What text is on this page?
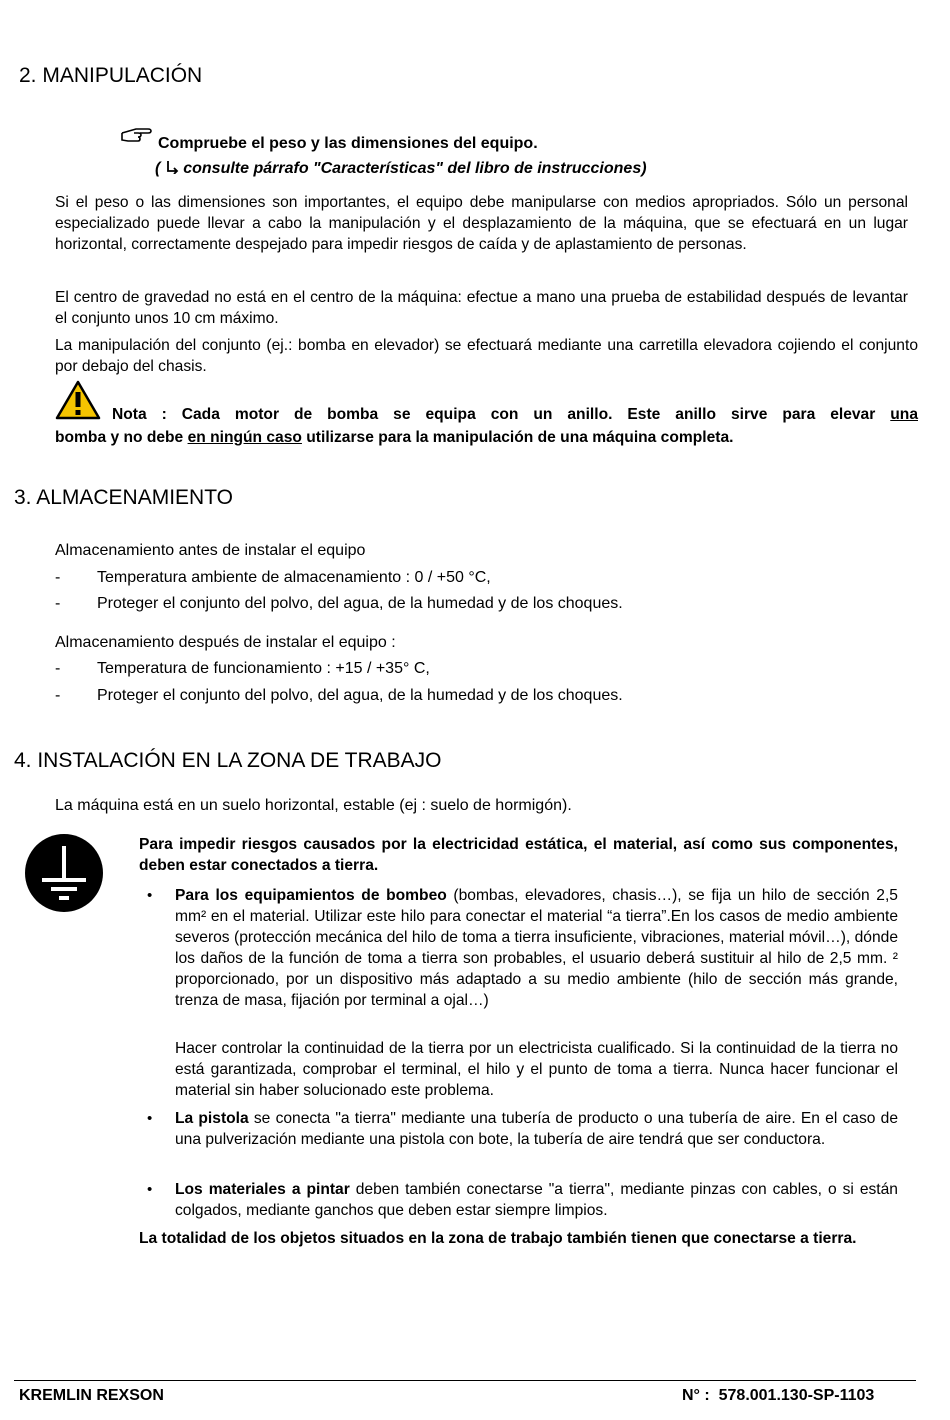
2. MANIPULACIÓN
Compruebe el peso y las dimensiones del equipo.
( consulte párrafo "Características" del libro de instrucciones)
Si el peso o las dimensiones son importantes, el equipo debe manipularse con medios apropriados. Sólo un personal especializado puede llevar a cabo la manipulación y el desplazamiento de la máquina, que se efectuará en un lugar horizontal, correctamente despejado para impedir riesgos de caída y de aplastamiento de personas.
El centro de gravedad no está en el centro de la máquina: efectue a mano una prueba de estabilidad después de levantar el conjunto unos 10 cm máximo.
La manipulación del conjunto (ej.: bomba en elevador) se efectuará mediante una carretilla elevadora cojiendo el conjunto por debajo del chasis.
Nota : Cada motor de bomba se equipa con un anillo. Este anillo sirve para elevar una
bomba y no debe en ningún caso utilizarse para la manipulación de una máquina completa.
3. ALMACENAMIENTO
Almacenamiento antes de instalar el equipo
- Temperatura ambiente de almacenamiento : 0 / +50 °C,
- Proteger el conjunto del polvo, del agua, de la humedad y de los choques.
Almacenamiento después de instalar el equipo :
- Temperatura de funcionamiento : +15 / +35° C,
- Proteger el conjunto del polvo, del agua, de la humedad y de los choques.
4. INSTALACIÓN EN LA ZONA DE TRABAJO
La máquina está en un suelo horizontal, estable (ej : suelo de hormigón).
Para impedir riesgos causados por la electricidad estática, el material, así como sus componentes, deben estar conectados a tierra.
• Para los equipamientos de bombeo (bombas, elevadores, chasis…), se fija un hilo de sección 2,5 mm² en el material. Utilizar este hilo para conectar el material “a tierra”.En los casos de medio ambiente severos (protección mecánica del hilo de toma a tierra insuficiente, vibraciones, material móvil…), dónde los daños de la función de toma a tierra son probables, el usuario deberá sustituir al hilo de 2,5 mm. ² proporcionado, por un dispositivo más adaptado a su medio ambiente (hilo de sección más grande, trenza de masa, fijación por terminal a ojal…)
Hacer controlar la continuidad de la tierra por un electricista cualificado. Si la continuidad de la tierra no está garantizada, comprobar el terminal, el hilo y el punto de toma a tierra. Nunca hacer funcionar el material sin haber solucionado este problema.
• La pistola se conecta "a tierra" mediante una tubería de producto o una tubería de aire. En el caso de una pulverización mediante una pistola con bote, la tubería de aire tendrá que ser conductora.
• Los materiales a pintar deben también conectarse "a tierra", mediante pinzas con cables, o si están colgados, mediante ganchos que deben estar siempre limpios.
La totalidad de los objetos situados en la zona de trabajo también tienen que conectarse a tierra.
KREMLIN REXSON	N° :  578.001.130-SP-1103
